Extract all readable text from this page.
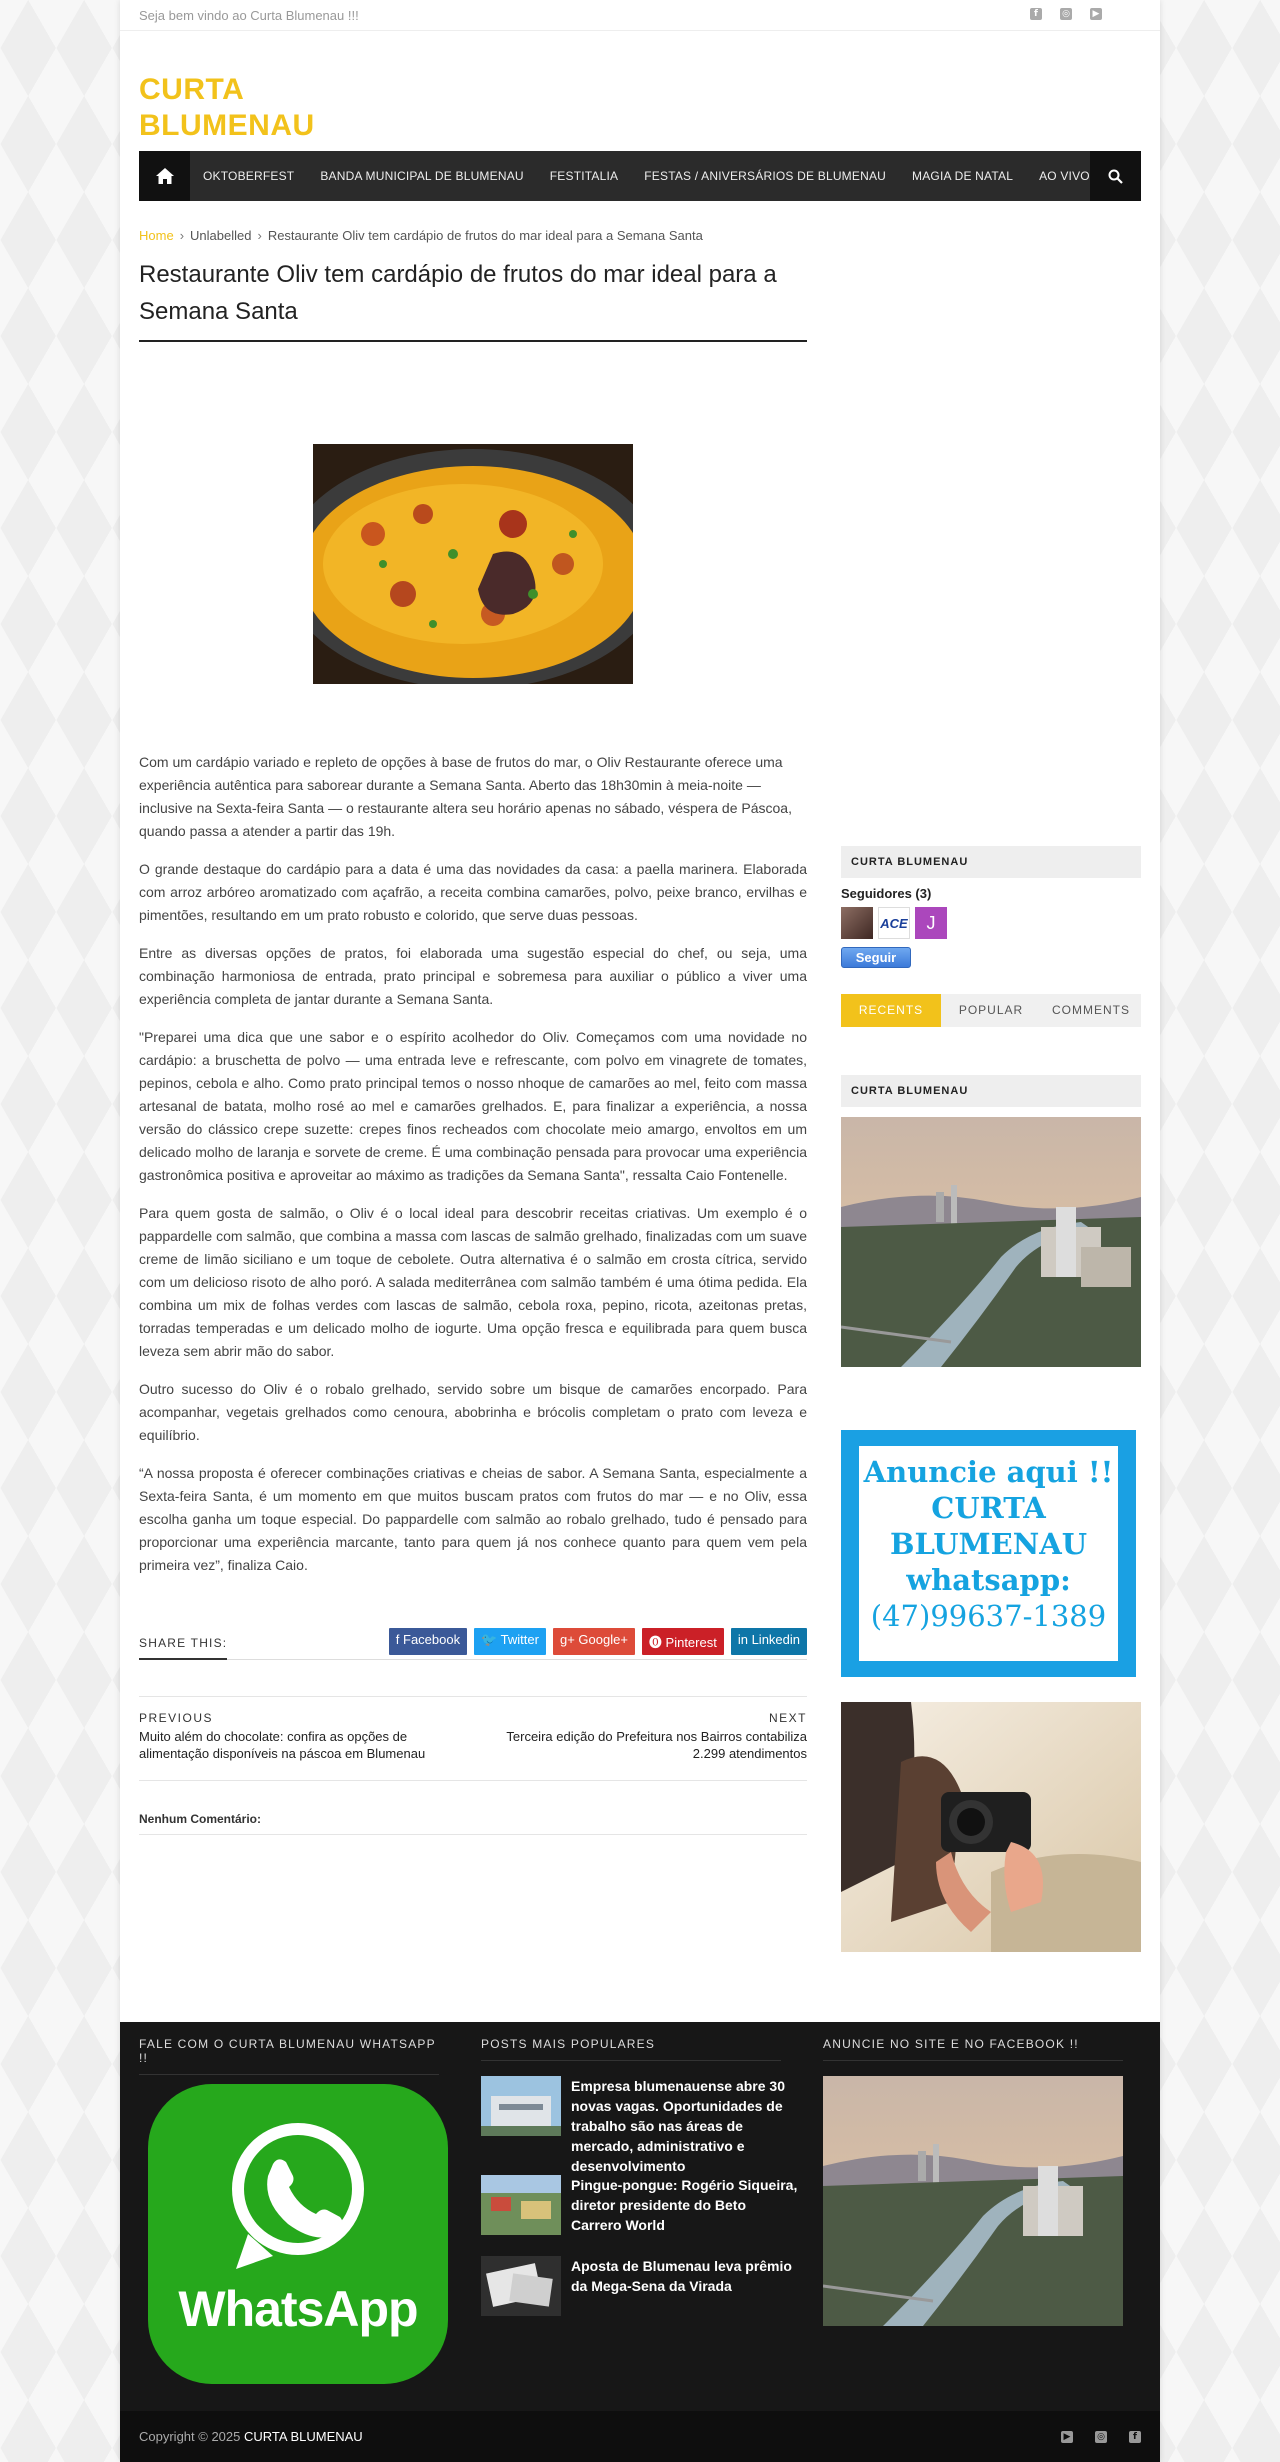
Seja bem vindo ao Curta Blumenau !!!	f	◎	▶
CURTA
BLUMENAU
OKTOBERFEST	BANDA MUNICIPAL DE BLUMENAU	FESTITALIA	FESTAS / ANIVERSÁRIOS DE BLUMENAU	MAGIA DE NATAL	AO VIVO
Home › Unlabelled › Restaurante Oliv tem cardápio de frutos do mar ideal para a Semana Santa
Restaurante Oliv tem cardápio de frutos do mar ideal para a Semana Santa

Com um cardápio variado e repleto de opções à base de frutos do mar, o Oliv Restaurante oferece uma experiência autêntica para saborear durante a Semana Santa. Aberto das 18h30min à meia-noite — inclusive na Sexta-feira Santa — o restaurante altera seu horário apenas no sábado, véspera de Páscoa, quando passa a atender a partir das 19h.

O grande destaque do cardápio para a data é uma das novidades da casa: a paella marinera. Elaborada com arroz arbóreo aromatizado com açafrão, a receita combina camarões, polvo, peixe branco, ervilhas e pimentões, resultando em um prato robusto e colorido, que serve duas pessoas.

Entre as diversas opções de pratos, foi elaborada uma sugestão especial do chef, ou seja, uma combinação harmoniosa de entrada, prato principal e sobremesa para auxiliar o público a viver uma experiência completa de jantar durante a Semana Santa.

"Preparei uma dica que une sabor e o espírito acolhedor do Oliv. Começamos com uma novidade no cardápio: a bruschetta de polvo — uma entrada leve e refrescante, com polvo em vinagrete de tomates, pepinos, cebola e alho. Como prato principal temos o nosso nhoque de camarões ao mel, feito com massa artesanal de batata, molho rosé ao mel e camarões grelhados. E, para finalizar a experiência, a nossa versão do clássico crepe suzette: crepes finos recheados com chocolate meio amargo, envoltos em um delicado molho de laranja e sorvete de creme. É uma combinação pensada para provocar uma experiência gastronômica positiva e aproveitar ao máximo as tradições da Semana Santa", ressalta Caio Fontenelle.

Para quem gosta de salmão, o Oliv é o local ideal para descobrir receitas criativas. Um exemplo é o pappardelle com salmão, que combina a massa com lascas de salmão grelhado, finalizadas com um suave creme de limão siciliano e um toque de cebolete. Outra alternativa é o salmão em crosta cítrica, servido com um delicioso risoto de alho poró. A salada mediterrânea com salmão também é uma ótima pedida. Ela combina um mix de folhas verdes com lascas de salmão, cebola roxa, pepino, ricota, azeitonas pretas, torradas temperadas e um delicado molho de iogurte. Uma opção fresca e equilibrada para quem busca leveza sem abrir mão do sabor.

Outro sucesso do Oliv é o robalo grelhado, servido sobre um bisque de camarões encorpado. Para acompanhar, vegetais grelhados como cenoura, abobrinha e brócolis completam o prato com leveza e equilíbrio.

“A nossa proposta é oferecer combinações criativas e cheias de sabor. A Semana Santa, especialmente a Sexta-feira Santa, é um momento em que muitos buscam pratos com frutos do mar — e no Oliv, essa escolha ganha um toque especial. Do pappardelle com salmão ao robalo grelhado, tudo é pensado para proporcionar uma experiência marcante, tanto para quem já nos conhece quanto para quem vem pela primeira vez”, finaliza Caio.

SHARE THIS:	f Facebook	🐦 Twitter	g+ Google+	⓿ Pinterest	in Linkedin
PREVIOUS
Muito além do chocolate: confira as opções de alimentação disponíveis na páscoa em Blumenau
NEXT
Terceira edição do Prefeitura nos Bairros contabiliza 2.299 atendimentos
Nenhum Comentário:
CURTA BLUMENAU
Seguidores (3)
ACE	J
Seguir
RECENTS	POPULAR	COMMENTS
CURTA BLUMENAU
Anuncie aqui !!
CURTA
BLUMENAU
whatsapp:
(47)99637-1389
FALE COM O CURTA BLUMENAU WHATSAPP !!
WhatsApp
POSTS MAIS POPULARES
Empresa blumenauense abre 30 novas vagas. Oportunidades de trabalho são nas áreas de mercado, administrativo e desenvolvimento
Pingue-pongue: Rogério Siqueira, diretor presidente do Beto Carrero World
Aposta de Blumenau leva prêmio da Mega-Sena da Virada
ANUNCIE NO SITE E NO FACEBOOK !!
Copyright © 2025 CURTA BLUMENAU	▶	◎	f
